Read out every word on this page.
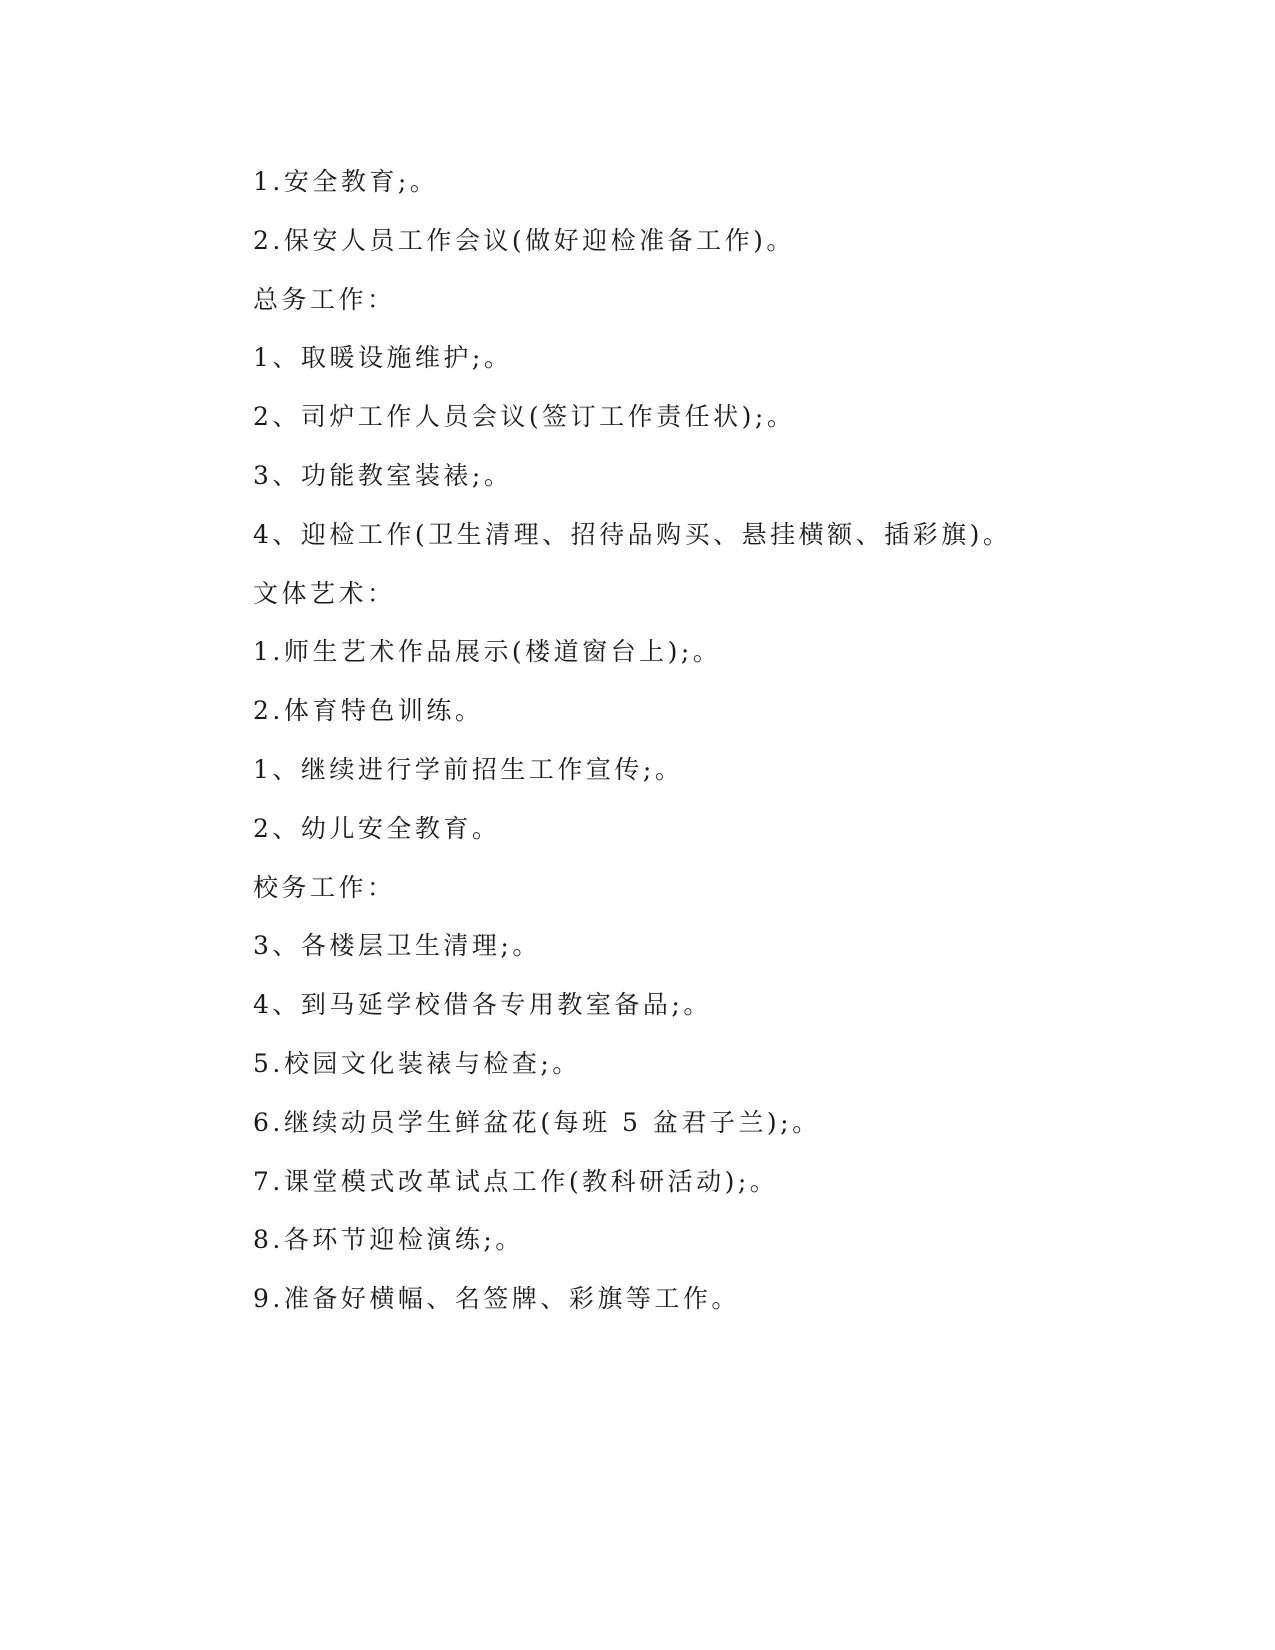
1.安全教育;。
2.保安人员工作会议(做好迎检准备工作)。
总务工作：
1、取暖设施维护;。
2、司炉工作人员会议(签订工作责任状);。
3、功能教室装裱;。
4、迎检工作(卫生清理、招待品购买、悬挂横额、插彩旗)。
文体艺术：
1.师生艺术作品展示(楼道窗台上);。
2.体育特色训练。
1、继续进行学前招生工作宣传;。
2、幼儿安全教育。
校务工作：
3、各楼层卫生清理;。
4、到马延学校借各专用教室备品;。
5.校园文化装裱与检查;。
6.继续动员学生鲜盆花(每班 5 盆君子兰);。
7.课堂模式改革试点工作(教科研活动);。
8.各环节迎检演练;。
9.准备好横幅、名签牌、彩旗等工作。
